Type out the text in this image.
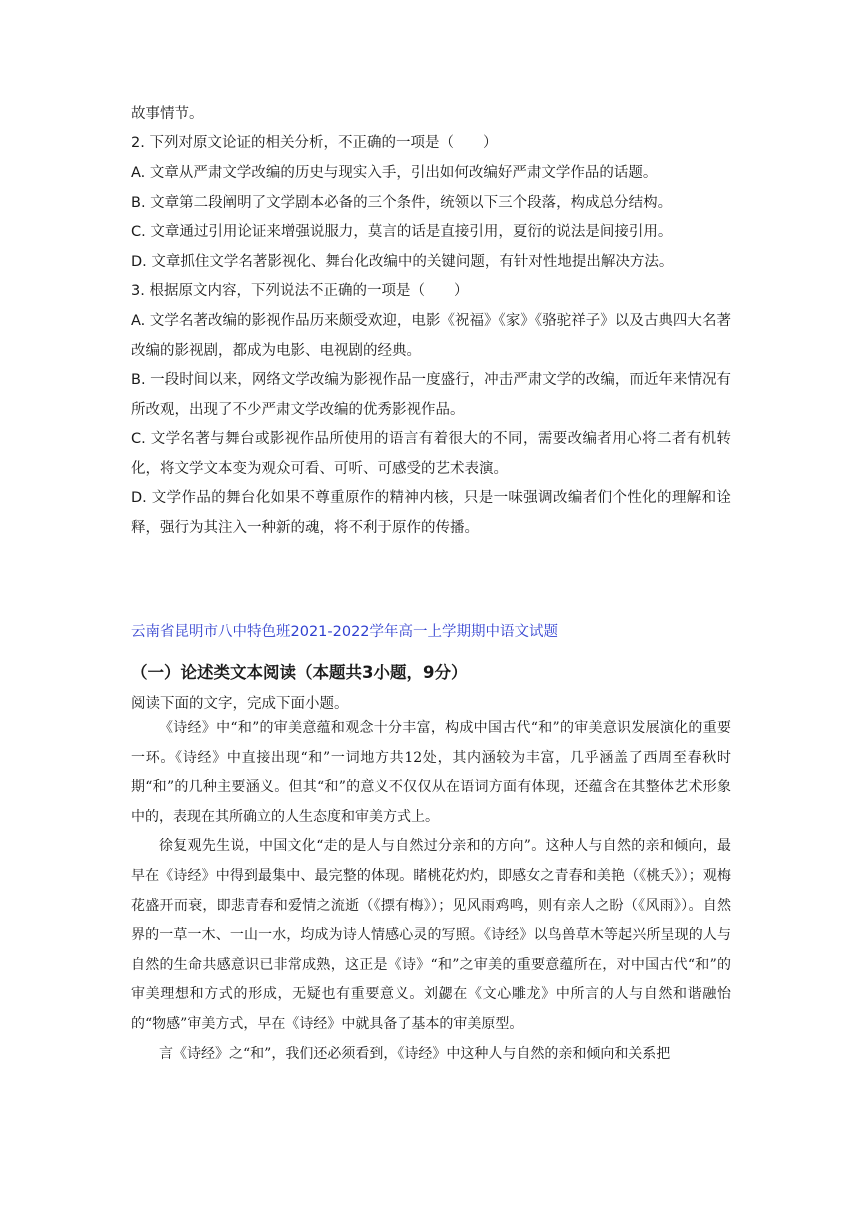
故事情节。
2. 下列对原文论证的相关分析，不正确的一项是（　　）
A. 文章从严肃文学改编的历史与现实入手，引出如何改编好严肃文学作品的话题。
B. 文章第二段阐明了文学剧本必备的三个条件，统领以下三个段落，构成总分结构。
C. 文章通过引用论证来增强说服力，莫言的话是直接引用，夏衍的说法是间接引用。
D. 文章抓住文学名著影视化、舞台化改编中的关键问题，有针对性地提出解决方法。
3. 根据原文内容，下列说法不正确的一项是（　　）
A. 文学名著改编的影视作品历来颇受欢迎，电影《祝福》《家》《骆驼祥子》以及古典四大名著改编的影视剧，都成为电影、电视剧的经典。
B. 一段时间以来，网络文学改编为影视作品一度盛行，冲击严肃文学的改编，而近年来情况有所改观，出现了不少严肃文学改编的优秀影视作品。
C. 文学名著与舞台或影视作品所使用的语言有着很大的不同，需要改编者用心将二者有机转化，将文学文本变为观众可看、可听、可感受的艺术表演。
D. 文学作品的舞台化如果不尊重原作的精神内核，只是一味强调改编者们个性化的理解和诠释，强行为其注入一种新的魂，将不利于原作的传播。
云南省昆明市八中特色班2021-2022学年高一上学期期中语文试题
（一）论述类文本阅读（本题共3小题，9分）
阅读下面的文字，完成下面小题。

《诗经》中“和”的审美意蕴和观念十分丰富，构成中国古代“和”的审美意识发展演化的重要一环。《诗经》中直接出现“和”一词地方共12处，其内涵较为丰富，几乎涵盖了西周至春秋时期“和”的几种主要涵义。但其“和”的意义不仅仅从在语词方面有体现，还蕴含在其整体艺术形象中的，表现在其所确立的人生态度和审美方式上。

徐复观先生说，中国文化“走的是人与自然过分亲和的方向”。这种人与自然的亲和倾向，最早在《诗经》中得到最集中、最完整的体现。睹桃花灼灼，即感女之青春和美艳（《桃夭》）；观梅花盛开而衰，即悲青春和爱情之流逝（《摽有梅》）；见风雨鸡鸣，则有亲人之盼（《风雨》）。自然界的一草一木、一山一水，均成为诗人情感心灵的写照。《诗经》以鸟兽草木等起兴所呈现的人与自然的生命共感意识已非常成熟，这正是《诗》“和”之审美的重要意蕴所在，对中国古代“和”的审美理想和方式的形成，无疑也有重要意义。刘勰在《文心雕龙》中所言的人与自然和谐融怡的“物感”审美方式，早在《诗经》中就具备了基本的审美原型。

言《诗经》之“和”，我们还必须看到，《诗经》中这种人与自然的亲和倾向和关系把
